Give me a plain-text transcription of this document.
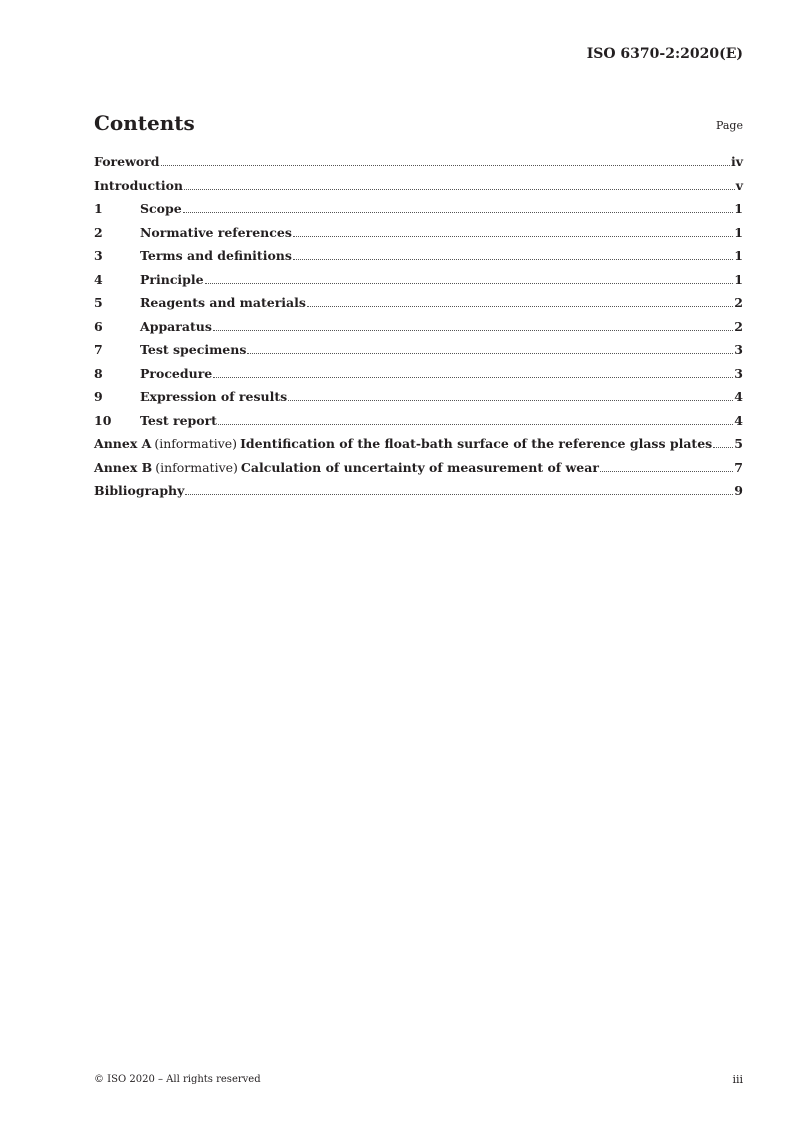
ISO 6370-2:2020(E)
Contents	Page
Foreword	iv
Introduction	v
1	Scope	1
2	Normative references	1
3	Terms and definitions	1
4	Principle	1
5	Reagents and materials	2
6	Apparatus	2
7	Test specimens	3
8	Procedure	3
9	Expression of results	4
10	Test report	4
Annex A (informative) Identification of the float-bath surface of the reference glass plates 5
Annex B (informative) Calculation of uncertainty of measurement of wear	7
Bibliography	9
© ISO 2020 – All rights reserved	iii
